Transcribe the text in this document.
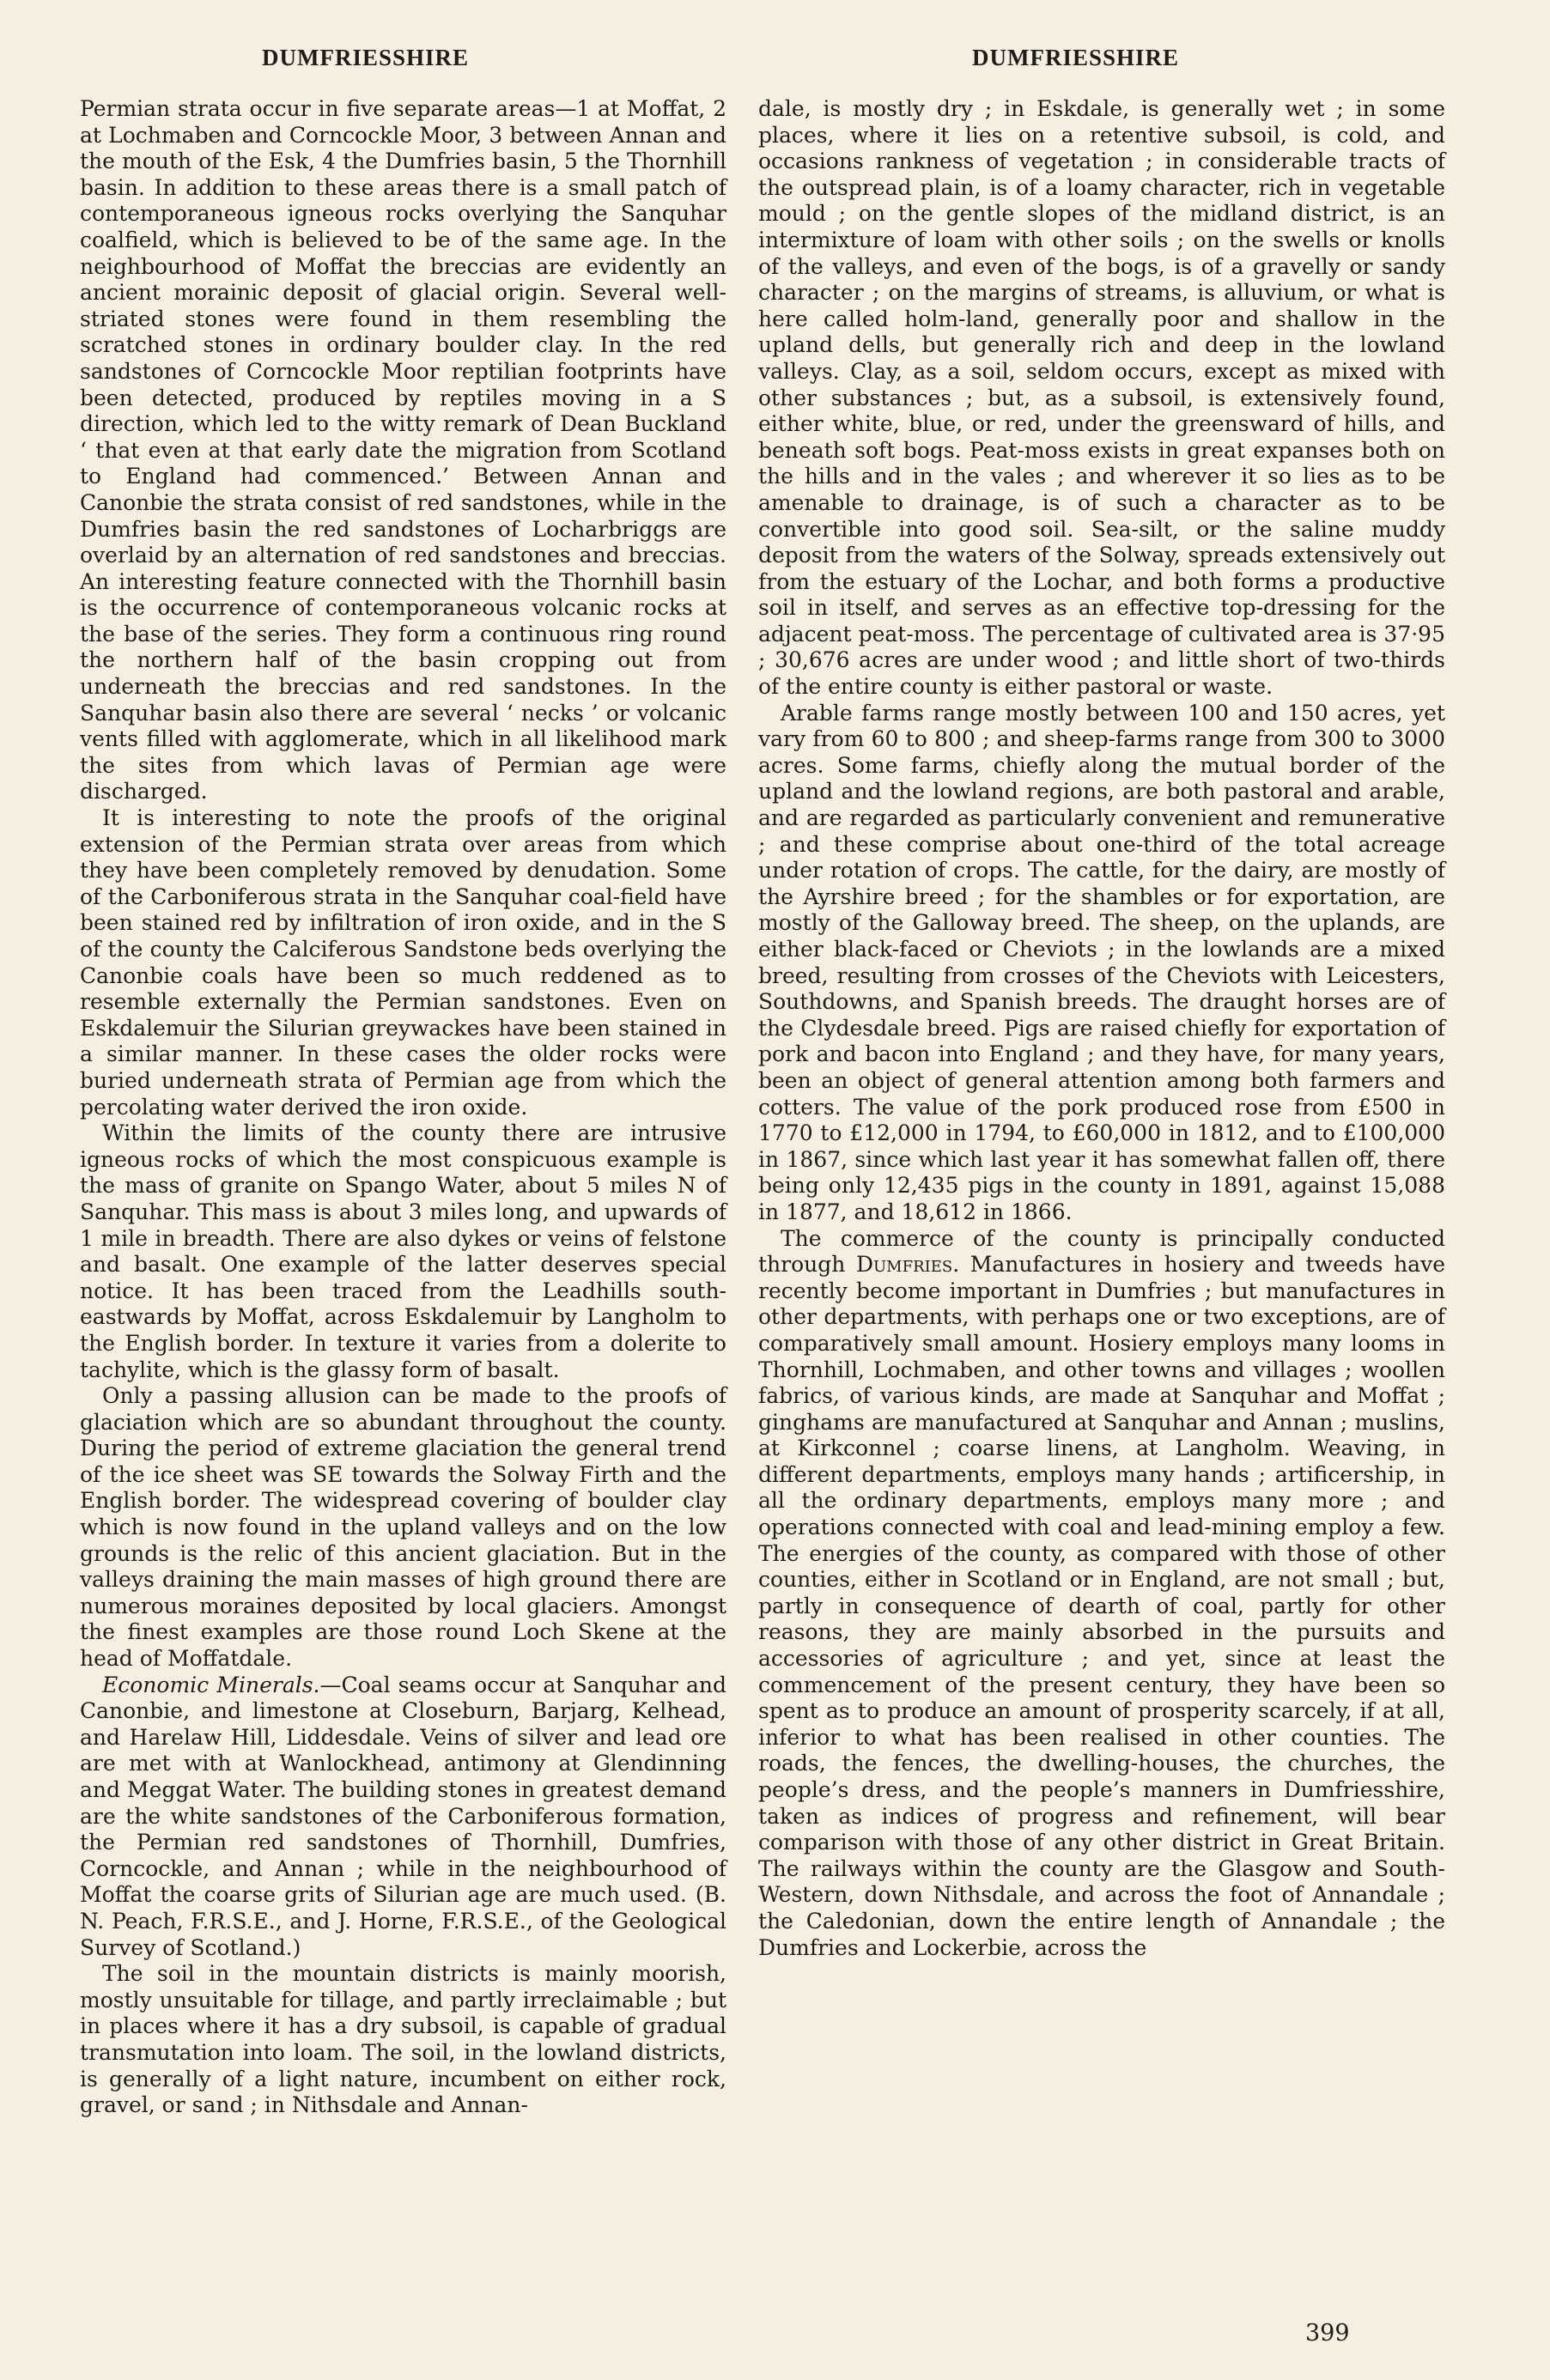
DUMFRIESSHIRE	DUMFRIESSHIRE

Permian strata occur in five separate areas—1 at Moffat, 2 at Lochmaben and Corncockle Moor, 3 between Annan and the mouth of the Esk, 4 the Dumfries basin, 5 the Thornhill basin. In addition to these areas there is a small patch of contemporaneous igneous rocks overlying the Sanquhar coalfield, which is believed to be of the same age. In the neighbourhood of Moffat the breccias are evidently an ancient morainic deposit of glacial origin. Several well-striated stones were found in them resembling the scratched stones in ordinary boulder clay. In the red sandstones of Corncockle Moor reptilian footprints have been detected, produced by reptiles moving in a S direction, which led to the witty remark of Dean Buckland ‘ that even at that early date the migration from Scotland to England had commenced.’ Between Annan and Canonbie the strata consist of red sandstones, while in the Dumfries basin the red sandstones of Locharbriggs are overlaid by an alternation of red sandstones and breccias. An interesting feature connected with the Thornhill basin is the occurrence of contemporaneous volcanic rocks at the base of the series. They form a continuous ring round the northern half of the basin cropping out from underneath the breccias and red sandstones. In the Sanquhar basin also there are several ‘ necks ’ or volcanic vents filled with agglomerate, which in all likelihood mark the sites from which lavas of Permian age were discharged.

It is interesting to note the proofs of the original extension of the Permian strata over areas from which they have been completely removed by denudation. Some of the Carboniferous strata in the Sanquhar coal-field have been stained red by infiltration of iron oxide, and in the S of the county the Calciferous Sandstone beds overlying the Canonbie coals have been so much reddened as to resemble externally the Permian sandstones. Even on Eskdalemuir the Silurian greywackes have been stained in a similar manner. In these cases the older rocks were buried underneath strata of Permian age from which the percolating water derived the iron oxide.

Within the limits of the county there are intrusive igneous rocks of which the most conspicuous example is the mass of granite on Spango Water, about 5 miles N of Sanquhar. This mass is about 3 miles long, and upwards of 1 mile in breadth. There are also dykes or veins of felstone and basalt. One example of the latter deserves special notice. It has been traced from the Leadhills south-eastwards by Moffat, across Eskdalemuir by Langholm to the English border. In texture it varies from a dolerite to tachylite, which is the glassy form of basalt.

Only a passing allusion can be made to the proofs of glaciation which are so abundant throughout the county. During the period of extreme glaciation the general trend of the ice sheet was SE towards the Solway Firth and the English border. The widespread covering of boulder clay which is now found in the upland valleys and on the low grounds is the relic of this ancient glaciation. But in the valleys draining the main masses of high ground there are numerous moraines deposited by local glaciers. Amongst the finest examples are those round Loch Skene at the head of Moffatdale.

Economic Minerals.—Coal seams occur at Sanquhar and Canonbie, and limestone at Closeburn, Barjarg, Kelhead, and Harelaw Hill, Liddesdale. Veins of silver and lead ore are met with at Wanlockhead, antimony at Glendinning and Meggat Water. The building stones in greatest demand are the white sandstones of the Carboniferous formation, the Permian red sandstones of Thornhill, Dumfries, Corncockle, and Annan ; while in the neighbourhood of Moffat the coarse grits of Silurian age are much used. (B. N. Peach, F.R.S.E., and J. Horne, F.R.S.E., of the Geological Survey of Scotland.)

The soil in the mountain districts is mainly moorish, mostly unsuitable for tillage, and partly irreclaimable ; but in places where it has a dry subsoil, is capable of gradual transmutation into loam. The soil, in the lowland districts, is generally of a light nature, incumbent on either rock, gravel, or sand ; in Nithsdale and Annan-

dale, is mostly dry ; in Eskdale, is generally wet ; in some places, where it lies on a retentive subsoil, is cold, and occasions rankness of vegetation ; in considerable tracts of the outspread plain, is of a loamy character, rich in vegetable mould ; on the gentle slopes of the midland district, is an intermixture of loam with other soils ; on the swells or knolls of the valleys, and even of the bogs, is of a gravelly or sandy character ; on the margins of streams, is alluvium, or what is here called holm-land, generally poor and shallow in the upland dells, but generally rich and deep in the lowland valleys. Clay, as a soil, seldom occurs, except as mixed with other substances ; but, as a subsoil, is extensively found, either white, blue, or red, under the greensward of hills, and beneath soft bogs. Peat-moss exists in great expanses both on the hills and in the vales ; and wherever it so lies as to be amenable to drainage, is of such a character as to be convertible into good soil. Sea-silt, or the saline muddy deposit from the waters of the Solway, spreads extensively out from the estuary of the Lochar, and both forms a productive soil in itself, and serves as an effective top-dressing for the adjacent peat-moss. The percentage of cultivated area is 37·95 ; 30,676 acres are under wood ; and little short of two-thirds of the entire county is either pastoral or waste.

Arable farms range mostly between 100 and 150 acres, yet vary from 60 to 800 ; and sheep-farms range from 300 to 3000 acres. Some farms, chiefly along the mutual border of the upland and the lowland regions, are both pastoral and arable, and are regarded as particularly convenient and remunerative ; and these comprise about one-third of the total acreage under rotation of crops. The cattle, for the dairy, are mostly of the Ayrshire breed ; for the shambles or for exportation, are mostly of the Galloway breed. The sheep, on the uplands, are either black-faced or Cheviots ; in the lowlands are a mixed breed, resulting from crosses of the Cheviots with Leicesters, Southdowns, and Spanish breeds. The draught horses are of the Clydesdale breed. Pigs are raised chiefly for exportation of pork and bacon into England ; and they have, for many years, been an object of general attention among both farmers and cotters. The value of the pork produced rose from £500 in 1770 to £12,000 in 1794, to £60,000 in 1812, and to £100,000 in 1867, since which last year it has somewhat fallen off, there being only 12,435 pigs in the county in 1891, against 15,088 in 1877, and 18,612 in 1866.

The commerce of the county is principally conducted through Dumfries. Manufactures in hosiery and tweeds have recently become important in Dumfries ; but manufactures in other departments, with perhaps one or two exceptions, are of comparatively small amount. Hosiery employs many looms in Thornhill, Lochmaben, and other towns and villages ; woollen fabrics, of various kinds, are made at Sanquhar and Moffat ; ginghams are manufactured at Sanquhar and Annan ; muslins, at Kirkconnel ; coarse linens, at Langholm. Weaving, in different departments, employs many hands ; artificership, in all the ordinary departments, employs many more ; and operations connected with coal and lead-mining employ a few. The energies of the county, as compared with those of other counties, either in Scotland or in England, are not small ; but, partly in consequence of dearth of coal, partly for other reasons, they are mainly absorbed in the pursuits and accessories of agriculture ; and yet, since at least the commencement of the present century, they have been so spent as to produce an amount of prosperity scarcely, if at all, inferior to what has been realised in other counties. The roads, the fences, the dwelling-houses, the churches, the people’s dress, and the people’s manners in Dumfriesshire, taken as indices of progress and refinement, will bear comparison with those of any other district in Great Britain. The railways within the county are the Glasgow and South-Western, down Nithsdale, and across the foot of Annandale ; the Caledonian, down the entire length of Annandale ; the Dumfries and Lockerbie, across the

399
